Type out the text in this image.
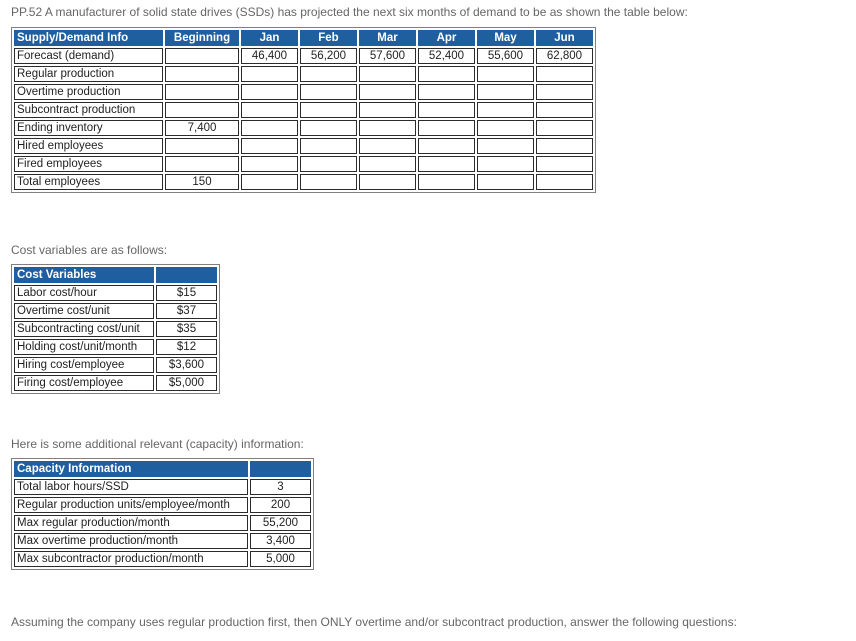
PP.52 A manufacturer of solid state drives (SSDs) has projected the next six months of demand to be as shown the table below:

Supply/Demand Info	Beginning	Jan	Feb	Mar	Apr	May	Jun
Forecast (demand)		46,400	56,200	57,600	52,400	55,600	62,800
Regular production							
Overtime production							
Subcontract production							
Ending inventory	7,400						
Hired employees							
Fired employees							
Total employees	150						

Cost variables are as follows:

Cost Variables	
Labor cost/hour	$15
Overtime cost/unit	$37
Subcontracting cost/unit	$35
Holding cost/unit/month	$12
Hiring cost/employee	$3,600
Firing cost/employee	$5,000

Here is some additional relevant (capacity) information:

Capacity Information	
Total labor hours/SSD	3
Regular production units/employee/month	200
Max regular production/month	55,200
Max overtime production/month	3,400
Max subcontractor production/month	5,000

Assuming the company uses regular production first, then ONLY overtime and/or subcontract production, answer the following questions:
